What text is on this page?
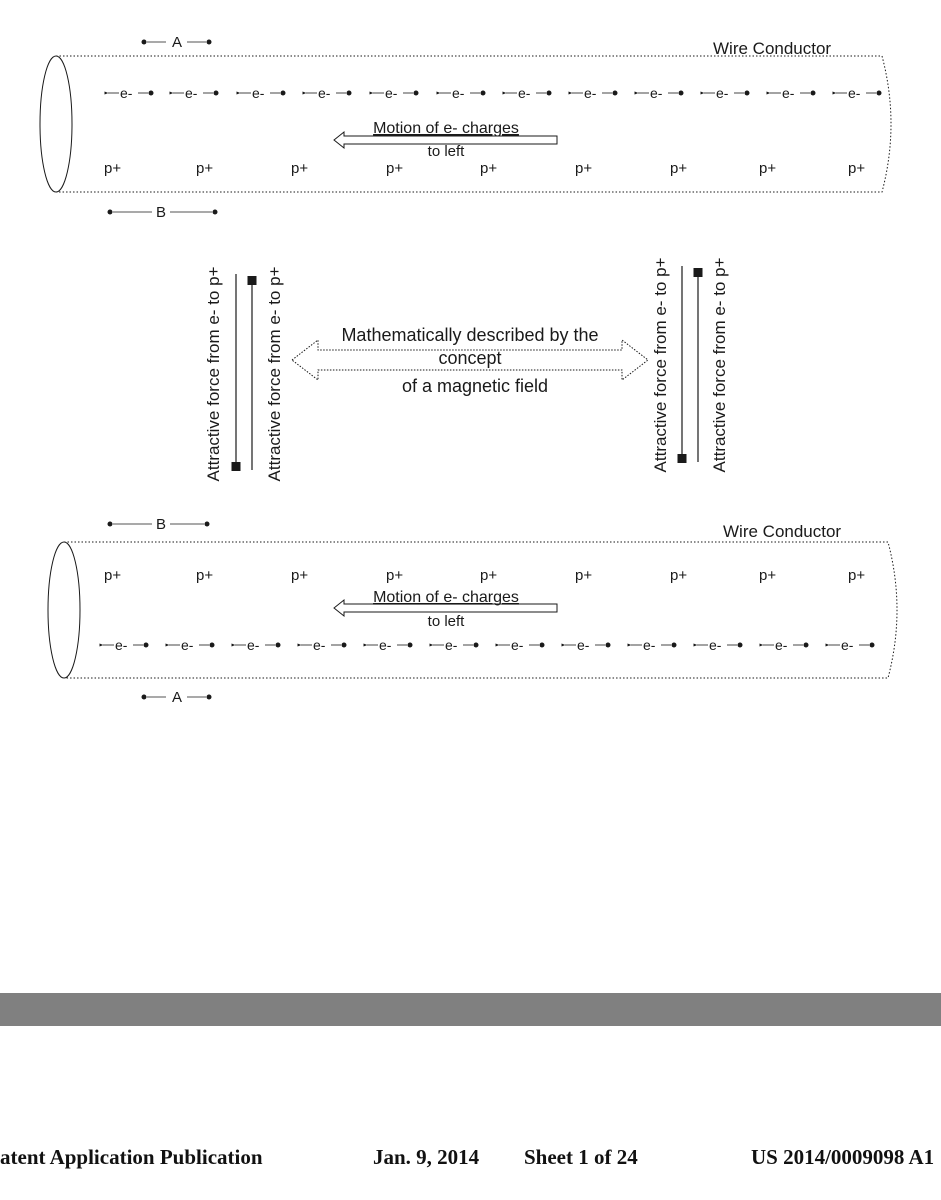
Wire Conductor
e-	e-	e-	e-	e-	e-	e-	e-	e-	e-	e-	e-
p+	p+	p+	p+	p+	p+	p+	p+	p+
Motion of e- charges
to left
A
B
Attractive force from e- to p+ Attractive force from e- to p+	Mathematically described by the
concept
of a magnetic field	Attractive force from e- to p+ Attractive force from e- to p+
Wire Conductor
B
p+	p+	p+	p+	p+	p+	p+	p+	p+
Motion of e- charges
to left
e-	e-	e-	e-	e-	e-	e-	e-	e-	e-	e-	e-
A
atent Application Publication	Jan. 9, 2014 Sheet 1 of 24	US 2014/0009098 A1
